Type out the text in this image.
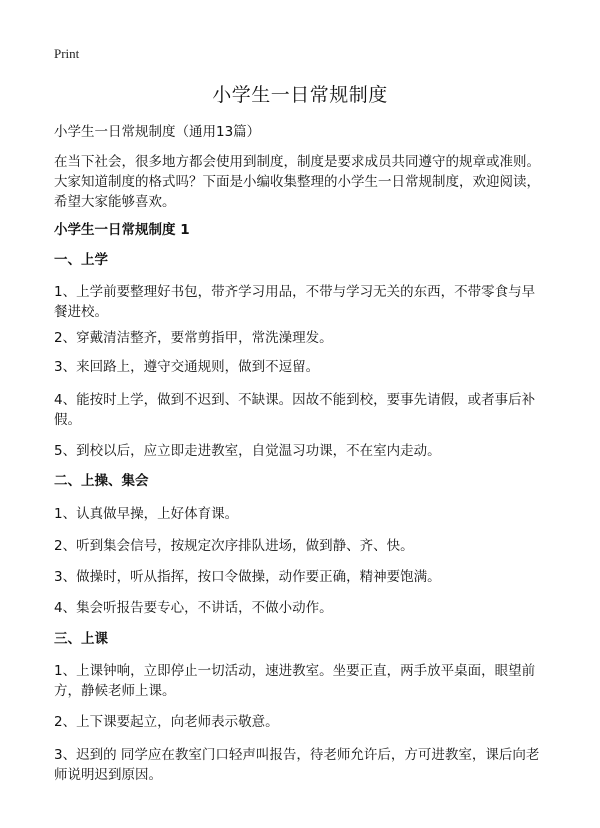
Print
小学生一日常规制度
小学生一日常规制度（通用13篇）
在当下社会，很多地方都会使用到制度，制度是要求成员共同遵守的规章或准则。
大家知道制度的格式吗？下面是小编收集整理的小学生一日常规制度，欢迎阅读，
希望大家能够喜欢。
小学生一日常规制度 1
一、上学
1、上学前要整理好书包，带齐学习用品，不带与学习无关的东西，不带零食与早
餐进校。
2、穿戴清洁整齐，要常剪指甲，常洗澡理发。
3、来回路上，遵守交通规则，做到不逗留。
4、能按时上学，做到不迟到、不缺课。因故不能到校，要事先请假，或者事后补
假。
5、到校以后，应立即走进教室，自觉温习功课，不在室内走动。
二、上操、集会
1、认真做早操，上好体育课。
2、听到集会信号，按规定次序排队进场，做到静、齐、快。
3、做操时，听从指挥，按口令做操，动作要正确，精神要饱满。
4、集会听报告要专心，不讲话，不做小动作。
三、上课
1、上课钟响，立即停止一切活动，速进教室。坐要正直，两手放平桌面，眼望前
方，静候老师上课。
2、上下课要起立，向老师表示敬意。
3、迟到的 同学应在教室门口轻声叫报告，待老师允许后，方可进教室，课后向老
师说明迟到原因。
